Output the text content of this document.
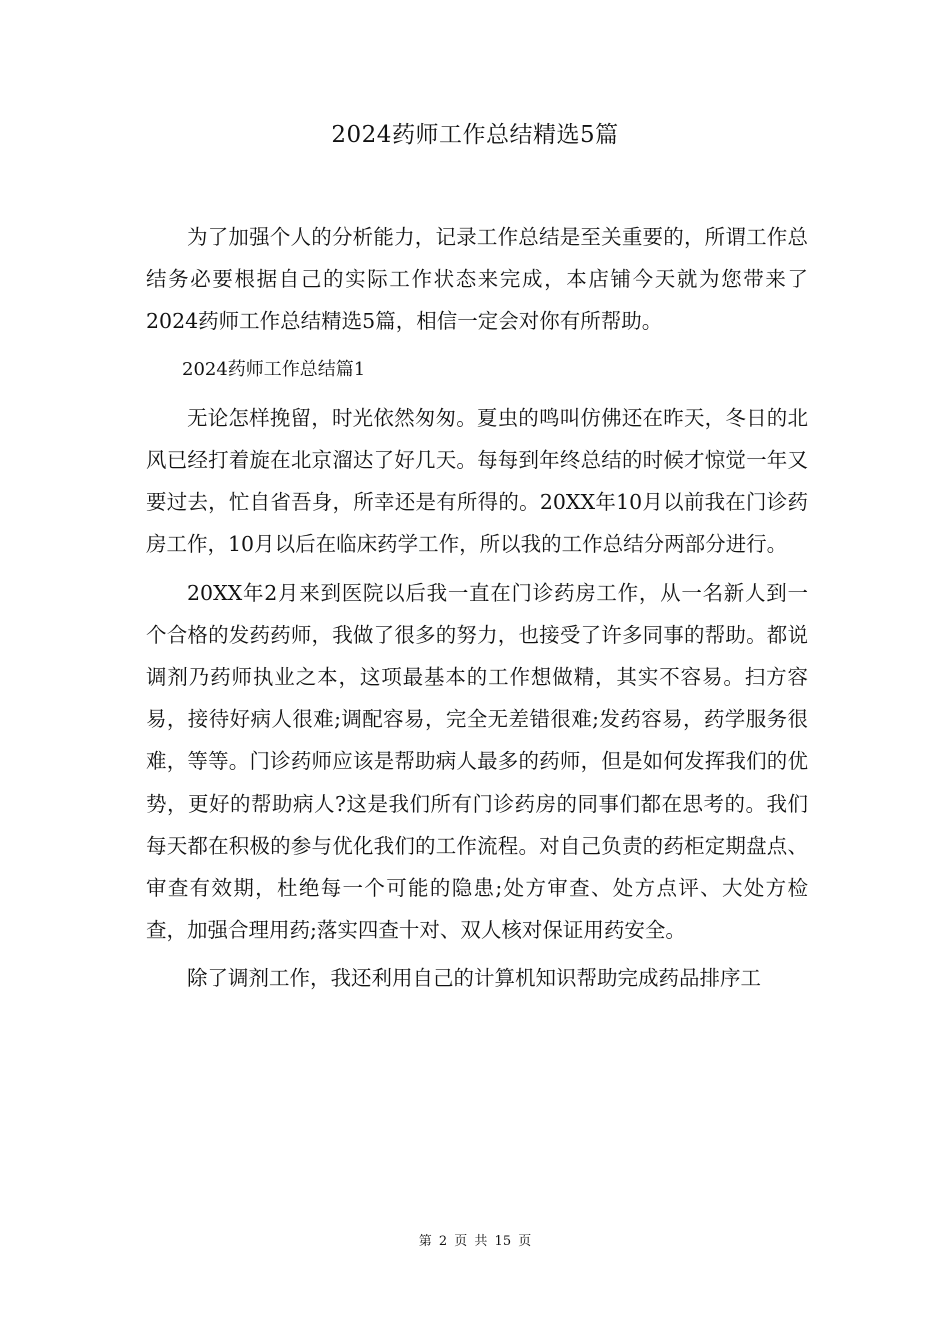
2024药师工作总结精选5篇

为了加强个人的分析能力，记录工作总结是至关重要的，所谓工作总结务必要根据自己的实际工作状态来完成，本店铺今天就为您带来了2024药师工作总结精选5篇，相信一定会对你有所帮助。

2024药师工作总结篇1

无论怎样挽留，时光依然匆匆。夏虫的鸣叫仿佛还在昨天，冬日的北风已经打着旋在北京溜达了好几天。每每到年终总结的时候才惊觉一年又要过去，忙自省吾身，所幸还是有所得的。20XX年10月以前我在门诊药房工作，10月以后在临床药学工作，所以我的工作总结分两部分进行。

20XX年2月来到医院以后我一直在门诊药房工作，从一名新人到一个合格的发药药师，我做了很多的努力，也接受了许多同事的帮助。都说调剂乃药师执业之本，这项最基本的工作想做精，其实不容易。扫方容易，接待好病人很难;调配容易，完全无差错很难;发药容易，药学服务很难，等等。门诊药师应该是帮助病人最多的药师，但是如何发挥我们的优势，更好的帮助病人?这是我们所有门诊药房的同事们都在思考的。我们每天都在积极的参与优化我们的工作流程。对自己负责的药柜定期盘点、审查有效期，杜绝每一个可能的隐患;处方审查、处方点评、大处方检查，加强合理用药;落实四查十对、双人核对保证用药安全。

除了调剂工作，我还利用自己的计算机知识帮助完成药品排序工

第 2 页 共 15 页
